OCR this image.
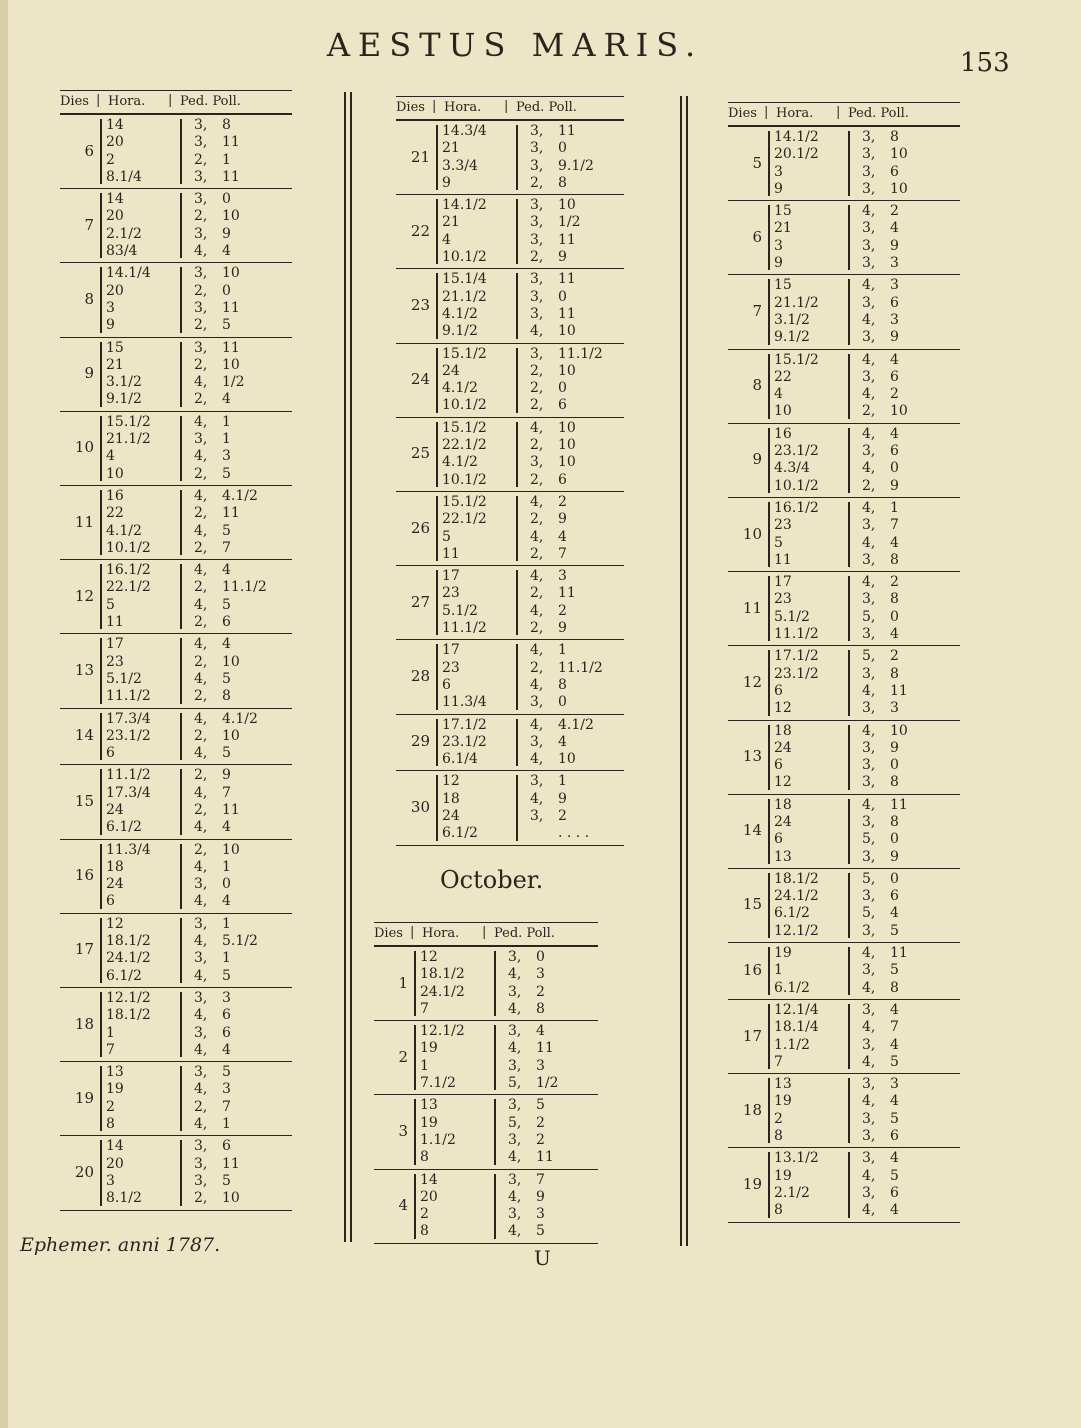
AESTUS MARIS.	153
Dies | Hora. | Ped. Poll.
6
14	3, 8
20	3, 11
2	2, 1
8.1/4	3, 11
7
14	3, 0
20	2, 10
2.1/2	3, 9
83/4	4, 4
8
14.1/4	3, 10
20	2, 0
3	3, 11
9	2, 5
9
15	3, 11
21	2, 10
3.1/2	4, 1/2
9.1/2	2, 4
10
15.1/2	4, 1
21.1/2	3, 1
4	4, 3
10	2, 5
11
16	4, 4.1/2
22	2, 11
4.1/2	4, 5
10.1/2	2, 7
12
16.1/2	4, 4
22.1/2	2, 11.1/2
5	4, 5
11	2, 6
13
17	4, 4
23	2, 10
5.1/2	4, 5
11.1/2	2, 8
14
17.3/4	4, 4.1/2
23.1/2	2, 10
6	4, 5
15
11.1/2	2, 9
17.3/4	4, 7
24	2, 11
6.1/2	4, 4
16
11.3/4	2, 10
18	4, 1
24	3, 0
6	4, 4
17
12	3, 1
18.1/2	4, 5.1/2
24.1/2	3, 1
6.1/2	4, 5
18
12.1/2	3, 3
18.1/2	4, 6
1	3, 6
7	4, 4
19
13	3, 5
19	4, 3
2	2, 7
8	4, 1
20
14	3, 6
20	3, 11
3	3, 5
8.1/2	2, 10
Dies | Hora. | Ped. Poll.
21
14.3/4	3, 11
21	3, 0
3.3/4	3, 9.1/2
9	2, 8
22
14.1/2	3, 10
21	3, 1/2
4	3, 11
10.1/2	2, 9
23
15.1/4	3, 11
21.1/2	3, 0
4.1/2	3, 11
9.1/2	4, 10
24
15.1/2	3, 11.1/2
24	2, 10
4.1/2	2, 0
10.1/2	2, 6
25
15.1/2	4, 10
22.1/2	2, 10
4.1/2	3, 10
10.1/2	2, 6
26
15.1/2	4, 2
22.1/2	2, 9
5	4, 4
11	2, 7
27
17	4, 3
23	2, 11
5.1/2	4, 2
11.1/2	2, 9
28
17	4, 1
23	2, 11.1/2
6	4, 8
11.3/4	3, 0
29
17.1/2	4, 4.1/2
23.1/2	3, 4
6.1/4	4, 10
30
12	3, 1
18	4, 9
24	3, 2
6.1/2	. . . .
October.
Dies | Hora. | Ped. Poll.
1
12	3, 0
18.1/2	4, 3
24.1/2	3, 2
7	4, 8
2
12.1/2	3, 4
19	4, 11
1	3, 3
7.1/2	5, 1/2
3
13	3, 5
19	5, 2
1.1/2	3, 2
8	4, 11
4
14	3, 7
20	4, 9
2	3, 3
8	4, 5
Dies | Hora. | Ped. Poll.
5
14.1/2	3, 8
20.1/2	3, 10
3	3, 6
9	3, 10
6
15	4, 2
21	3, 4
3	3, 9
9	3, 3
7
15	4, 3
21.1/2	3, 6
3.1/2	4, 3
9.1/2	3, 9
8
15.1/2	4, 4
22	3, 6
4	4, 2
10	2, 10
9
16	4, 4
23.1/2	3, 6
4.3/4	4, 0
10.1/2	2, 9
10
16.1/2	4, 1
23	3, 7
5	4, 4
11	3, 8
11
17	4, 2
23	3, 8
5.1/2	5, 0
11.1/2	3, 4
12
17.1/2	5, 2
23.1/2	3, 8
6	4, 11
12	3, 3
13
18	4, 10
24	3, 9
6	3, 0
12	3, 8
14
18	4, 11
24	3, 8
6	5, 0
13	3, 9
15
18.1/2	5, 0
24.1/2	3, 6
6.1/2	5, 4
12.1/2	3, 5
16
19	4, 11
1	3, 5
6.1/2	4, 8
17
12.1/4	3, 4
18.1/4	4, 7
1.1/2	3, 4
7	4, 5
18
13	3, 3
19	4, 4
2	3, 5
8	3, 6
19
13.1/2	3, 4
19	4, 5
2.1/2	3, 6
8	4, 4
Ephemer. anni 1787.
U
